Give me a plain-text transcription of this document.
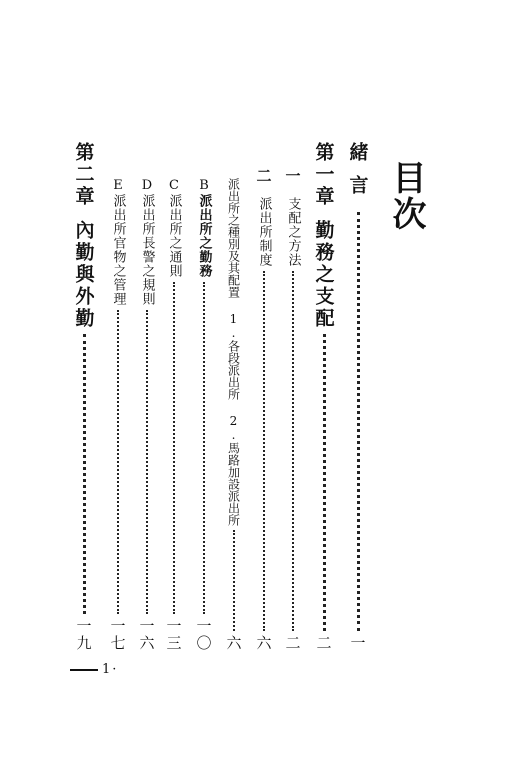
目次
緒言
一
第一章
勤務之支配
二
一
支配之方法
二
二
派出所制度
六
派出所之種別及其配置 1.各段派出所 2.馬路加設派出所
六
B
派出所之勤務
一〇
C
派出所之通則
一三
D
派出所長警之規則
一六
E
派出所官物之管理
一七
第二章
內勤與外勤
一九
1 ·
